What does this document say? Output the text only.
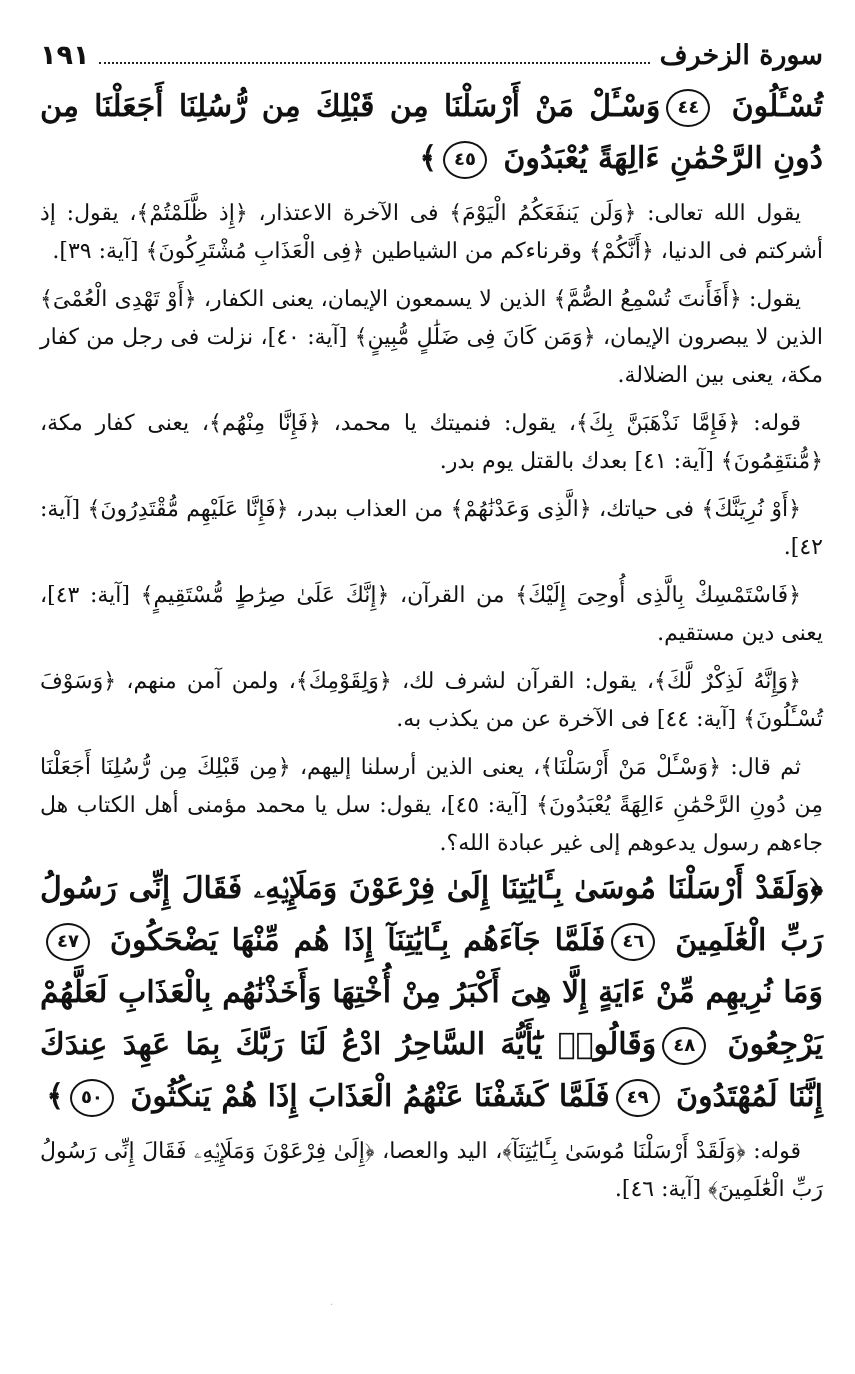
سورة الزخرف
١٩١

تُسْـَٔلُونَ ٤٤وَسْـَٔلْ مَنْ أَرْسَلْنَا مِن قَبْلِكَ مِن رُّسُلِنَا أَجَعَلْنَا مِن دُونِ الرَّحْمَٰنِ ءَالِهَةً يُعْبَدُونَ ٤٥﴾

يقول الله تعالى: ﴿وَلَن يَنفَعَكُمُ الْيَوْمَ﴾ فى الآخرة الاعتذار، ﴿إِذ ظَّلَمْتُمْ﴾، يقول: إذ أشركتم فى الدنيا، ﴿أَنَّكُمْ﴾ وقرناءكم من الشياطين ﴿فِى الْعَذَابِ مُشْتَرِكُونَ﴾ [آية: ٣٩].

يقول: ﴿أَفَأَنتَ تُسْمِعُ الصُّمَّ﴾ الذين لا يسمعون الإيمان، يعنى الكفار، ﴿أَوْ تَهْدِى الْعُمْىَ﴾ الذين لا يبصرون الإيمان، ﴿وَمَن كَانَ فِى ضَلَٰلٍ مُّبِينٍ﴾ [آية: ٤٠]، نزلت فى رجل من كفار مكة، يعنى بين الضلالة.

قوله: ﴿فَإِمَّا نَذْهَبَنَّ بِكَ﴾، يقول: فنميتك يا محمد، ﴿فَإِنَّا مِنْهُم﴾، يعنى كفار مكة، ﴿مُّنتَقِمُونَ﴾ [آية: ٤١] بعدك بالقتل يوم بدر.

﴿أَوْ نُرِيَنَّكَ﴾ فى حياتك، ﴿الَّذِى وَعَدْنَٰهُمْ﴾ من العذاب ببدر، ﴿فَإِنَّا عَلَيْهِم مُّقْتَدِرُونَ﴾ [آية: ٤٢].

﴿فَاسْتَمْسِكْ بِالَّذِى أُوحِىَ إِلَيْكَ﴾ من القرآن، ﴿إِنَّكَ عَلَىٰ صِرَٰطٍ مُّسْتَقِيمٍ﴾ [آية: ٤٣]، يعنى دين مستقيم.

﴿وَإِنَّهُ لَذِكْرٌ لَّكَ﴾، يقول: القرآن لشرف لك، ﴿وَلِقَوْمِكَ﴾، ولمن آمن منهم، ﴿وَسَوْفَ تُسْـَٔلُونَ﴾ [آية: ٤٤] فى الآخرة عن من يكذب به.

ثم قال: ﴿وَسْـَٔلْ مَنْ أَرْسَلْنَا﴾، يعنى الذين أرسلنا إليهم، ﴿مِن قَبْلِكَ مِن رُّسُلِنَا أَجَعَلْنَا مِن دُونِ الرَّحْمَٰنِ ءَالِهَةً يُعْبَدُونَ﴾ [آية: ٤٥]، يقول: سل يا محمد مؤمنى أهل الكتاب هل جاءهم رسول يدعوهم إلى غير عبادة الله؟.

﴿وَلَقَدْ أَرْسَلْنَا مُوسَىٰ بِـَٔايَٰتِنَا إِلَىٰ فِرْعَوْنَ وَمَلَإِي۟هِۦ فَقَالَ إِنِّى رَسُولُ رَبِّ الْعَٰلَمِينَ ٤٦فَلَمَّا جَآءَهُم بِـَٔايَٰتِنَآ إِذَا هُم مِّنْهَا يَضْحَكُونَ ٤٧وَمَا نُرِيهِم مِّنْ ءَايَةٍ إِلَّا هِىَ أَكْبَرُ مِنْ أُخْتِهَا وَأَخَذْنَٰهُم بِالْعَذَابِ لَعَلَّهُمْ يَرْجِعُونَ ٤٨وَقَالُوا۟ يَٰٓأَيُّهَ السَّاحِرُ ادْعُ لَنَا رَبَّكَ بِمَا عَهِدَ عِندَكَ إِنَّنَا لَمُهْتَدُونَ ٤٩فَلَمَّا كَشَفْنَا عَنْهُمُ الْعَذَابَ إِذَا هُمْ يَنكُثُونَ ٥٠﴾

قوله: ﴿وَلَقَدْ أَرْسَلْنَا مُوسَىٰ بِـَٔايَٰتِنَآ﴾، اليد والعصا، ﴿إِلَىٰ فِرْعَوْنَ وَمَلَإِي۟هِۦ فَقَالَ إِنِّى رَسُولُ رَبِّ الْعَٰلَمِينَ﴾ [آية: ٤٦].

·
